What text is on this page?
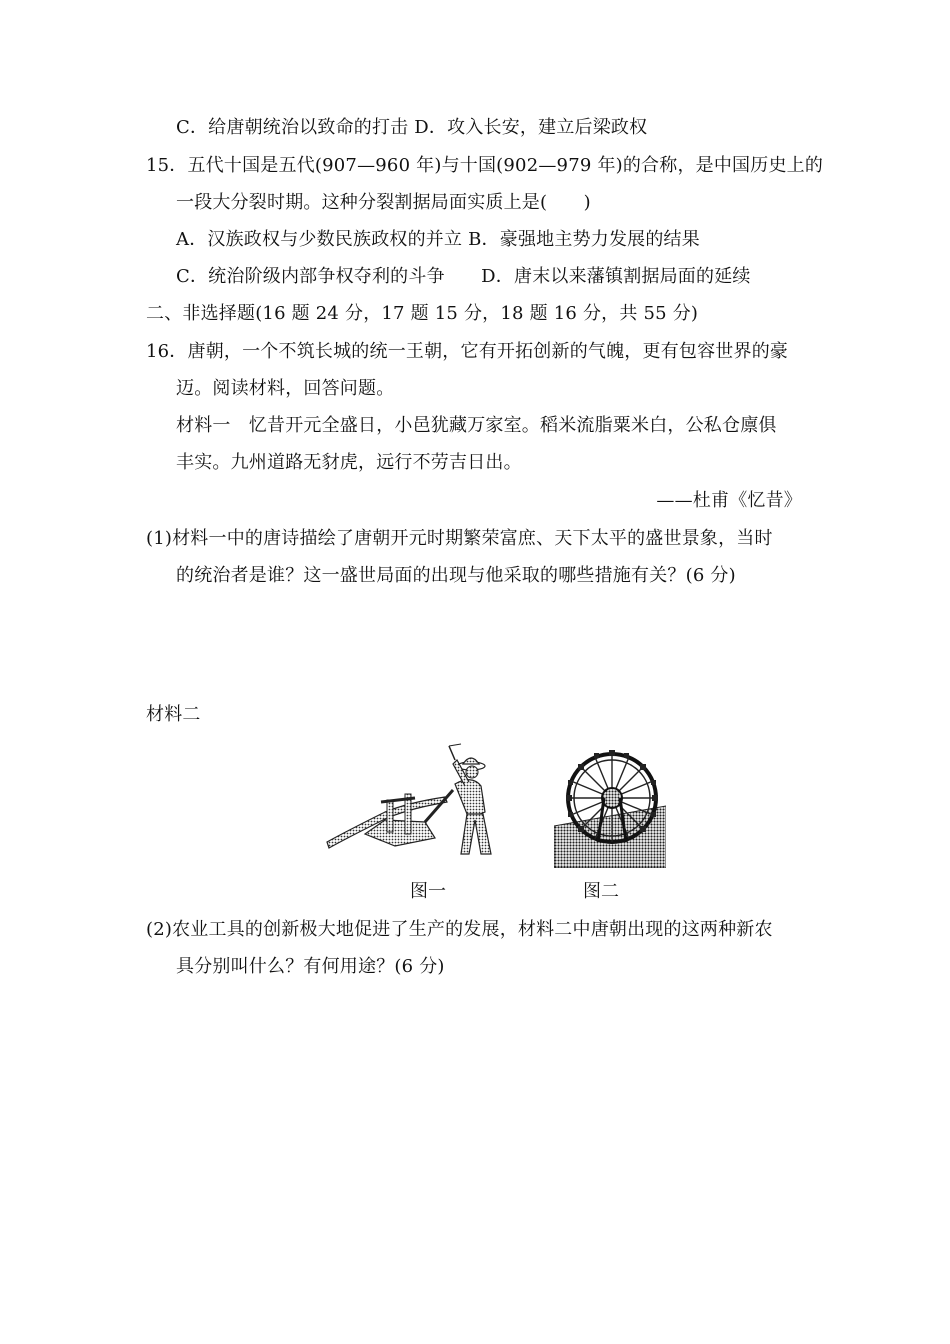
C．给唐朝统治以致命的打击 D．攻入长安，建立后梁政权
15．五代十国是五代(907—960 年)与十国(902—979 年)的合称，是中国历史上的
一段大分裂时期。这种分裂割据局面实质上是(　　)
A．汉族政权与少数民族政权的并立 B．豪强地主势力发展的结果
C．统治阶级内部争权夺利的斗争　　D．唐末以来藩镇割据局面的延续
二、非选择题(16 题 24 分，17 题 15 分，18 题 16 分，共 55 分)
16．唐朝，一个不筑长城的统一王朝，它有开拓创新的气魄，更有包容世界的豪
迈。阅读材料，回答问题。
材料一　忆昔开元全盛日，小邑犹藏万家室。稻米流脂粟米白，公私仓廪俱
丰实。九州道路无豺虎，远行不劳吉日出。
——杜甫《忆昔》
(1)材料一中的唐诗描绘了唐朝开元时期繁荣富庶、天下太平的盛世景象，当时
的统治者是谁？这一盛世局面的出现与他采取的哪些措施有关？(6 分)
材料二
图一	图二
(2)农业工具的创新极大地促进了生产的发展，材料二中唐朝出现的这两种新农
具分别叫什么？有何用途？(6 分)
